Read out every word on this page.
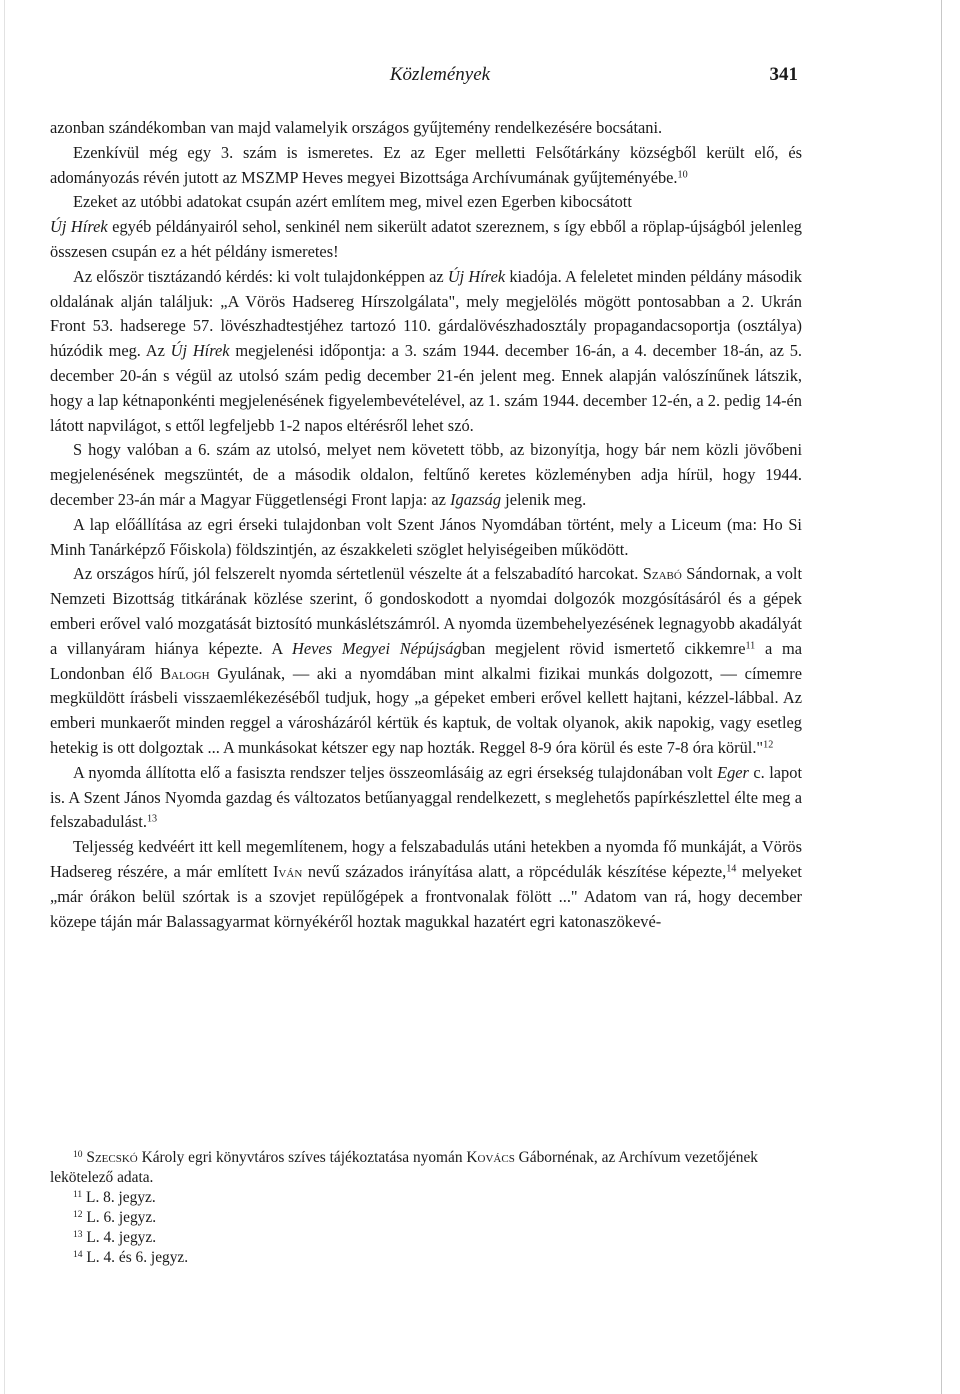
Közlemények	341

azonban szándékomban van majd valamelyik országos gyűjtemény rendelkezésére bocsátani.

Ezenkívül még egy 3. szám is ismeretes. Ez az Eger melletti Felsőtárkány községből került elő, és adományozás révén jutott az MSZMP Heves megyei Bizottsága Archívumának gyűjteményébe.$^{10}$

Ezeket az utóbbi adatokat csupán azért említem meg, mivel ezen Egerben kibocsátott
Új Hírek egyéb példányairól sehol, senkinél nem sikerült adatot szereznem, s így ebből a röplap-újságból jelenleg összesen csupán ez a hét példány ismeretes!

Az először tisztázandó kérdés: ki volt tulajdonképpen az Új Hírek kiadója. A feleletet minden példány második oldalának alján találjuk: „A Vörös Hadsereg Hírszolgálata", mely megjelölés mögött pontosabban a 2. Ukrán Front 53. hadserege 57. lövészhadtestjéhez tartozó 110. gárdalövészhadosztály propagandacsoportja (osztálya) húzódik meg. Az Új Hírek megjelenési időpontja: a 3. szám 1944. december 16-án, a 4. december 18-án, az 5. december 20-án s végül az utolsó szám pedig december 21-én jelent meg. Ennek alapján valószínűnek látszik, hogy a lap kétnaponkénti megjelenésének figyelembevételével, az 1. szám 1944. december 12-én, a 2. pedig 14-én látott napvilágot, s ettől legfeljebb 1-2 napos eltérésről lehet szó.

S hogy valóban a 6. szám az utolsó, melyet nem követett több, az bizonyítja, hogy bár nem közli jövőbeni megjelenésének megszüntét, de a második oldalon, feltűnő keretes közleményben adja hírül, hogy 1944. december 23-án már a Magyar Függetlenségi Front lapja: az Igazság jelenik meg.

A lap előállítása az egri érseki tulajdonban volt Szent János Nyomdában történt, mely a Liceum (ma: Ho Si Minh Tanárképző Főiskola) földszintjén, az északkeleti szöglet helyiségeiben működött.

Az országos hírű, jól felszerelt nyomda sértetlenül vészelte át a felszabadító harcokat. Szabó Sándornak, a volt Nemzeti Bizottság titkárának közlése szerint, ő gondoskodott a nyomdai dolgozók mozgósításáról és a gépek emberi erővel való mozgatását biztosító munkáslétszámról. A nyomda üzembehelyezésének legnagyobb akadályát a villanyáram hiánya képezte. A Heves Megyei Népújságban megjelent rövid ismertető cikkemre$^{11}$ a ma Londonban élő Balogh Gyulának, — aki a nyomdában mint alkalmi fizikai munkás dolgozott, — címemre megküldött írásbeli visszaemlékezéséből tudjuk, hogy „a gépeket emberi erővel kellett hajtani, kézzel-lábbal. Az emberi munkaerőt minden reggel a városházáról kértük és kaptuk, de voltak olyanok, akik napokig, vagy esetleg hetekig is ott dolgoztak ... A munkásokat kétszer egy nap hozták. Reggel 8-9 óra körül és este 7-8 óra körül."$^{12}$

A nyomda állította elő a fasiszta rendszer teljes összeomlásáig az egri érsekség tulajdonában volt Eger c. lapot is. A Szent János Nyomda gazdag és változatos betűanyaggal rendelkezett, s meglehetős papírkészlettel élte meg a felszabadulást.$^{13}$

Teljesség kedvéért itt kell megemlítenem, hogy a felszabadulás utáni hetekben a nyomda fő munkáját, a Vörös Hadsereg részére, a már említett Iván nevű százados irányítása alatt, a röpcédulák készítése képezte,$^{14}$ melyeket „már órákon belül szórtak is a szovjet repülőgépek a frontvonalak fölött ..." Adatom van rá, hogy december közepe táján már Balassagyarmat környékéről hoztak magukkal hazatért egri katonaszökevé-

$^{10}$ Szecskó Károly egri könyvtáros szíves tájékoztatása nyomán Kovács Gábornénak, az Archívum vezetőjének lekötelező adata.

$^{11}$ L. 8. jegyz.

$^{12}$ L. 6. jegyz.

$^{13}$ L. 4. jegyz.

$^{14}$ L. 4. és 6. jegyz.
